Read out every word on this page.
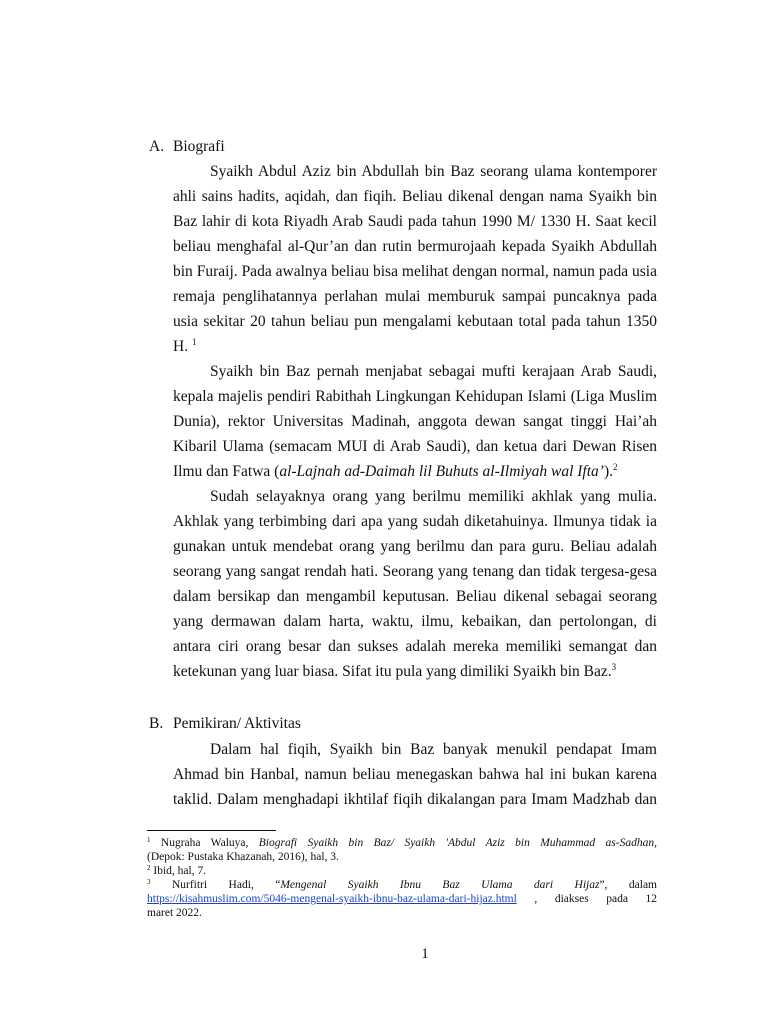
A. Biografi
Syaikh Abdul Aziz bin Abdullah bin Baz seorang ulama kontemporer
ahli sains hadits, aqidah, dan fiqih. Beliau dikenal dengan nama Syaikh bin
Baz lahir di kota Riyadh Arab Saudi pada tahun 1990 M/ 1330 H. Saat kecil
beliau menghafal al-Qur’an dan rutin bermurojaah kepada Syaikh Abdullah
bin Furaij. Pada awalnya beliau bisa melihat dengan normal, namun pada usia
remaja penglihatannya perlahan mulai memburuk sampai puncaknya pada
usia sekitar 20 tahun beliau pun mengalami kebutaan total pada tahun 1350
H. $^1$
Syaikh bin Baz pernah menjabat sebagai mufti kerajaan Arab Saudi,
kepala majelis pendiri Rabithah Lingkungan Kehidupan Islami (Liga Muslim
Dunia), rektor Universitas Madinah, anggota dewan sangat tinggi Hai’ah
Kibaril Ulama (semacam MUI di Arab Saudi), dan ketua dari Dewan Risen
Ilmu dan Fatwa (al-Lajnah ad-Daimah lil Buhuts al-Ilmiyah wal Ifta’).$^2$
Sudah selayaknya orang yang berilmu memiliki akhlak yang mulia.
Akhlak yang terbimbing dari apa yang sudah diketahuinya. Ilmunya tidak ia
gunakan untuk mendebat orang yang berilmu dan para guru. Beliau adalah
seorang yang sangat rendah hati. Seorang yang tenang dan tidak tergesa-gesa
dalam bersikap dan mengambil keputusan. Beliau dikenal sebagai seorang
yang dermawan dalam harta, waktu, ilmu, kebaikan, dan pertolongan, di
antara ciri orang besar dan sukses adalah mereka memiliki semangat dan
ketekunan yang luar biasa. Sifat itu pula yang dimiliki Syaikh bin Baz.$^3$
B. Pemikiran/ Aktivitas
Dalam hal fiqih, Syaikh bin Baz banyak menukil pendapat Imam
Ahmad bin Hanbal, namun beliau menegaskan bahwa hal ini bukan karena
taklid. Dalam menghadapi ikhtilaf fiqih dikalangan para Imam Madzhab dan
$^1$ Nugraha Waluya, Biografi Syaikh bin Baz/ Syaikh 'Abdul Aziz bin Muhammad as-Sadhan,
(Depok: Pustaka Khazanah, 2016), hal, 3.
$^2$ Ibid, hal, 7.
$^3$ Nurfitri Hadi, “Mengenal Syaikh Ibnu Baz Ulama dari Hijaz”, dalam
https://kisahmuslim.com/5046-mengenal-syaikh-ibnu-baz-ulama-dari-hijaz.html , diakses pada 12
maret 2022.
1
